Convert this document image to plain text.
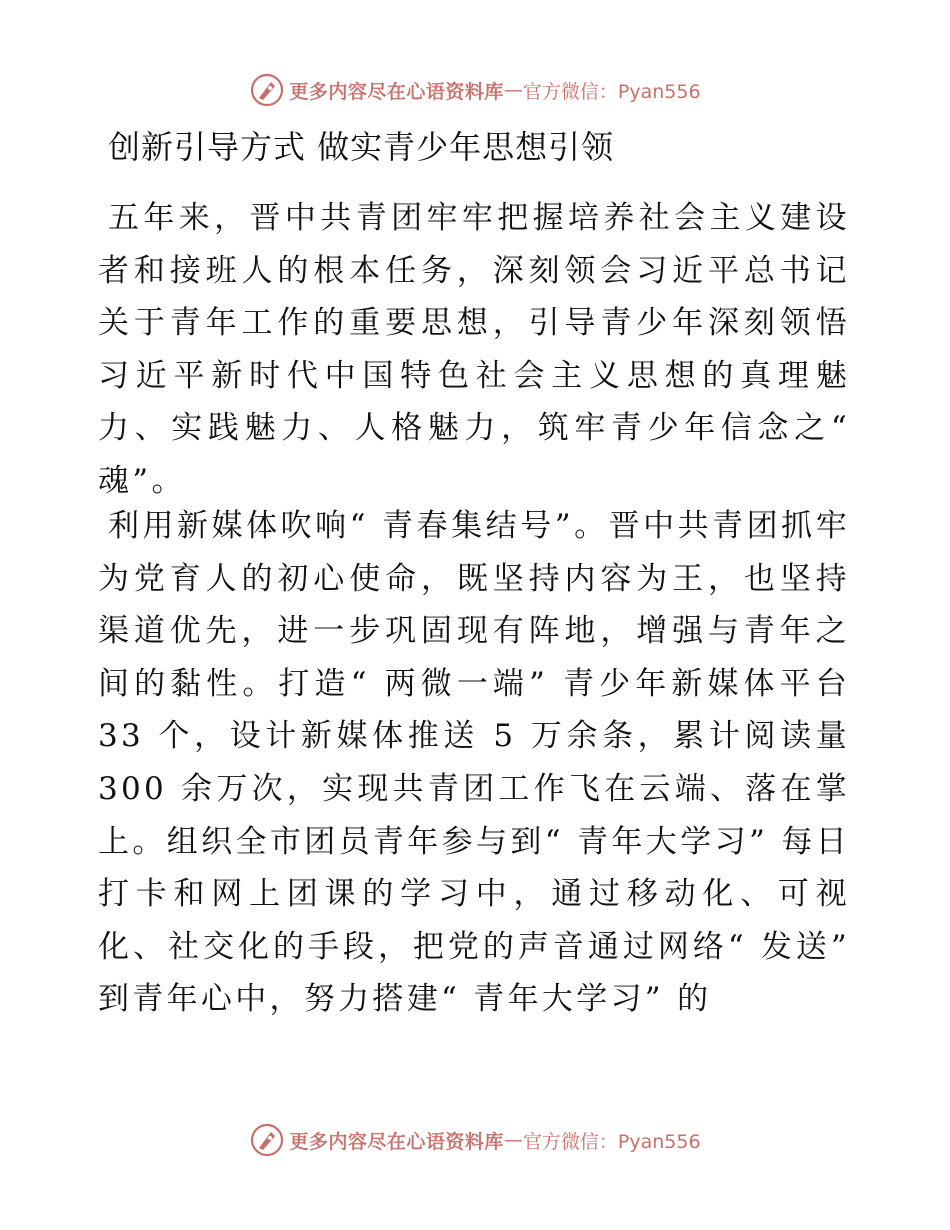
更多内容尽在心语资料库 — 官方微信：Pyan556
创新引导方式 做实青少年思想引领

五年来，晋中共青团牢牢把握培养社会主义建设者和接班人的根本任务，深刻领会习近平总书记关于青年工作的重要思想，引导青少年深刻领悟习近平新时代中国特色社会主义思想的真理魅力、实践魅力、人格魅力，筑牢青少年信念之“ 魂”。

利用新媒体吹响“ 青春集结号”。晋中共青团抓牢为党育人的初心使命，既坚持内容为王，也坚持渠道优先，进一步巩固现有阵地，增强与青年之间的黏性。打造“ 两微一端” 青少年新媒体平台 33 个，设计新媒体推送 5 万余条，累计阅读量 300 余万次，实现共青团工作飞在云端、落在掌上。组织全市团员青年参与到“ 青年大学习” 每日打卡和网上团课的学习中，通过移动化、可视化、社交化的手段，把党的声音通过网络“ 发送” 到青年心中，努力搭建“ 青年大学习” 的

更多内容尽在心语资料库 — 官方微信：Pyan556
